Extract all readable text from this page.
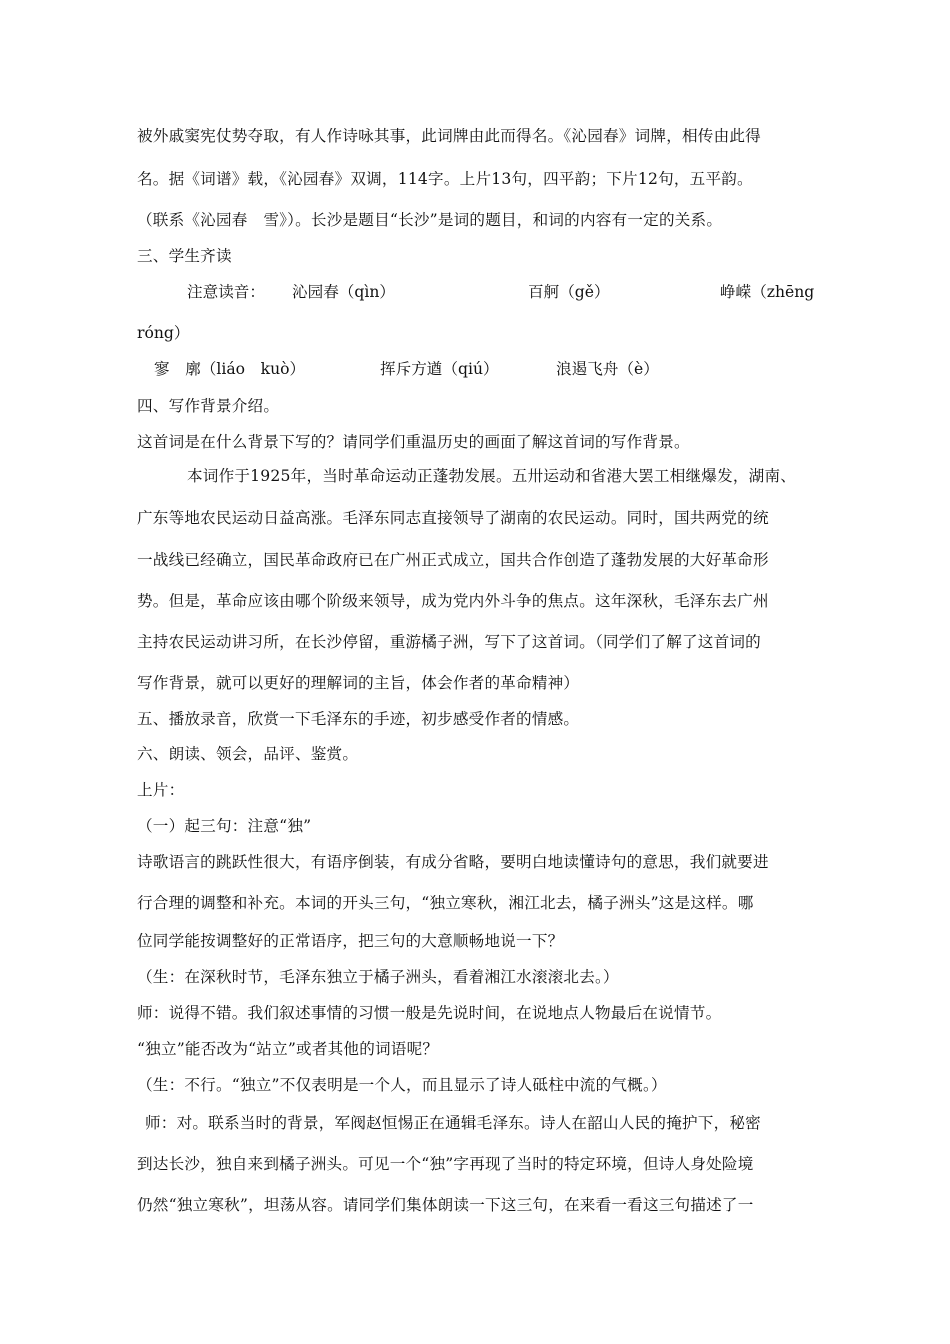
被外戚窦宪仗势夺取，有人作诗咏其事，此词牌由此而得名。《沁园春》词牌，相传由此得
名。据《词谱》载，《沁园春》双调，114字。上片13句，四平韵；下片12句，五平韵。
（联系《沁园春　雪》）。长沙是题目“长沙”是词的题目，和词的内容有一定的关系。
三、学生齐读
注意读音： 沁园春（qìn）	百舸（gě）	峥嵘（zhēng
róng）
寥　廓（liáo　kuò）	挥斥方遒（qiú）	浪遏飞舟（è）
四、写作背景介绍。
这首词是在什么背景下写的？请同学们重温历史的画面了解这首词的写作背景。
本词作于1925年，当时革命运动正蓬勃发展。五卅运动和省港大罢工相继爆发，湖南、
广东等地农民运动日益高涨。毛泽东同志直接领导了湖南的农民运动。同时，国共两党的统
一战线已经确立，国民革命政府已在广州正式成立，国共合作创造了蓬勃发展的大好革命形
势。但是，革命应该由哪个阶级来领导，成为党内外斗争的焦点。这年深秋，毛泽东去广州
主持农民运动讲习所，在长沙停留，重游橘子洲，写下了这首词。（同学们了解了这首词的
写作背景，就可以更好的理解词的主旨，体会作者的革命精神）
五、播放录音，欣赏一下毛泽东的手迹，初步感受作者的情感。
六、朗读、领会，品评、鉴赏。
上片：
（一）起三句：注意“独”
诗歌语言的跳跃性很大，有语序倒装，有成分省略，要明白地读懂诗句的意思，我们就要进
行合理的调整和补充。本词的开头三句，“独立寒秋，湘江北去，橘子洲头”这是这样。哪
位同学能按调整好的正常语序，把三句的大意顺畅地说一下？
（生：在深秋时节，毛泽东独立于橘子洲头，看着湘江水滚滚北去。）
师：说得不错。我们叙述事情的习惯一般是先说时间，在说地点人物最后在说情节。
“独立”能否改为“站立”或者其他的词语呢？
（生：不行。“独立”不仅表明是一个人，而且显示了诗人砥柱中流的气概。）
师：对。联系当时的背景，军阀赵恒惕正在通辑毛泽东。诗人在韶山人民的掩护下，秘密
到达长沙，独自来到橘子洲头。可见一个“独”字再现了当时的特定环境，但诗人身处险境
仍然“独立寒秋”，坦荡从容。请同学们集体朗读一下这三句，在来看一看这三句描述了一
